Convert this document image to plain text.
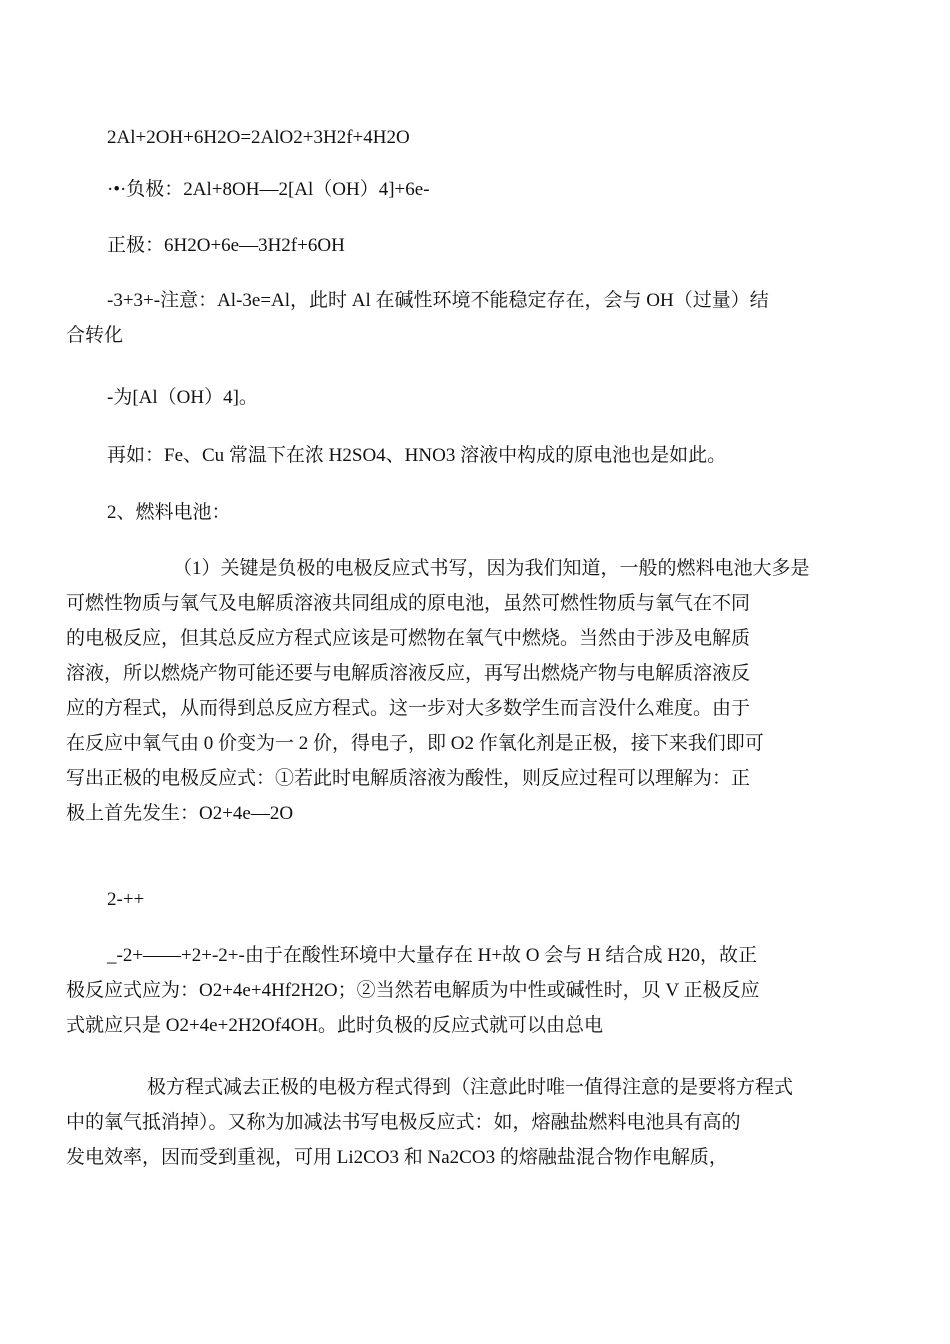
2Al+2OH+6H2O=2AlO2+3H2f+4H2O

·•·负极：2Al+8OH—2[Al（OH）4]+6e-

正极：6H2O+6e—3H2f+6OH

-3+3+-注意：Al-3e=Al，此时 Al 在碱性环境不能稳定存在，会与 OH（过量）结
合转化

-为[Al（OH）4]。

再如：Fe、Cu 常温下在浓 H2SO4、HNO3 溶液中构成的原电池也是如此。

2、燃料电池：

（1）关键是负极的电极反应式书写，因为我们知道，一般的燃料电池大多是
可燃性物质与氧气及电解质溶液共同组成的原电池，虽然可燃性物质与氧气在不同
的电极反应，但其总反应方程式应该是可燃物在氧气中燃烧。当然由于涉及电解质
溶液，所以燃烧产物可能还要与电解质溶液反应，再写出燃烧产物与电解质溶液反
应的方程式，从而得到总反应方程式。这一步对大多数学生而言没什么难度。由于
在反应中氧气由 0 价变为一 2 价，得电子，即 O2 作氧化剂是正极，接下来我们即可
写出正极的电极反应式：①若此时电解质溶液为酸性，则反应过程可以理解为：正
极上首先发生：O2+4e—2O

2-++

_-2+——+2+-2+-由于在酸性环境中大量存在 H+故 O 会与 H 结合成 H20，故正
极反应式应为：O2+4e+4Hf2H2O；②当然若电解质为中性或碱性时，贝 V 正极反应
式就应只是 O2+4e+2H2Of4OH。此时负极的反应式就可以由总电

极方程式减去正极的电极方程式得到（注意此时唯一值得注意的是要将方程式
中的氧气抵消掉）。又称为加减法书写电极反应式：如，熔融盐燃料电池具有高的
发电效率，因而受到重视，可用 Li2CO3 和 Na2CO3 的熔融盐混合物作电解质，
